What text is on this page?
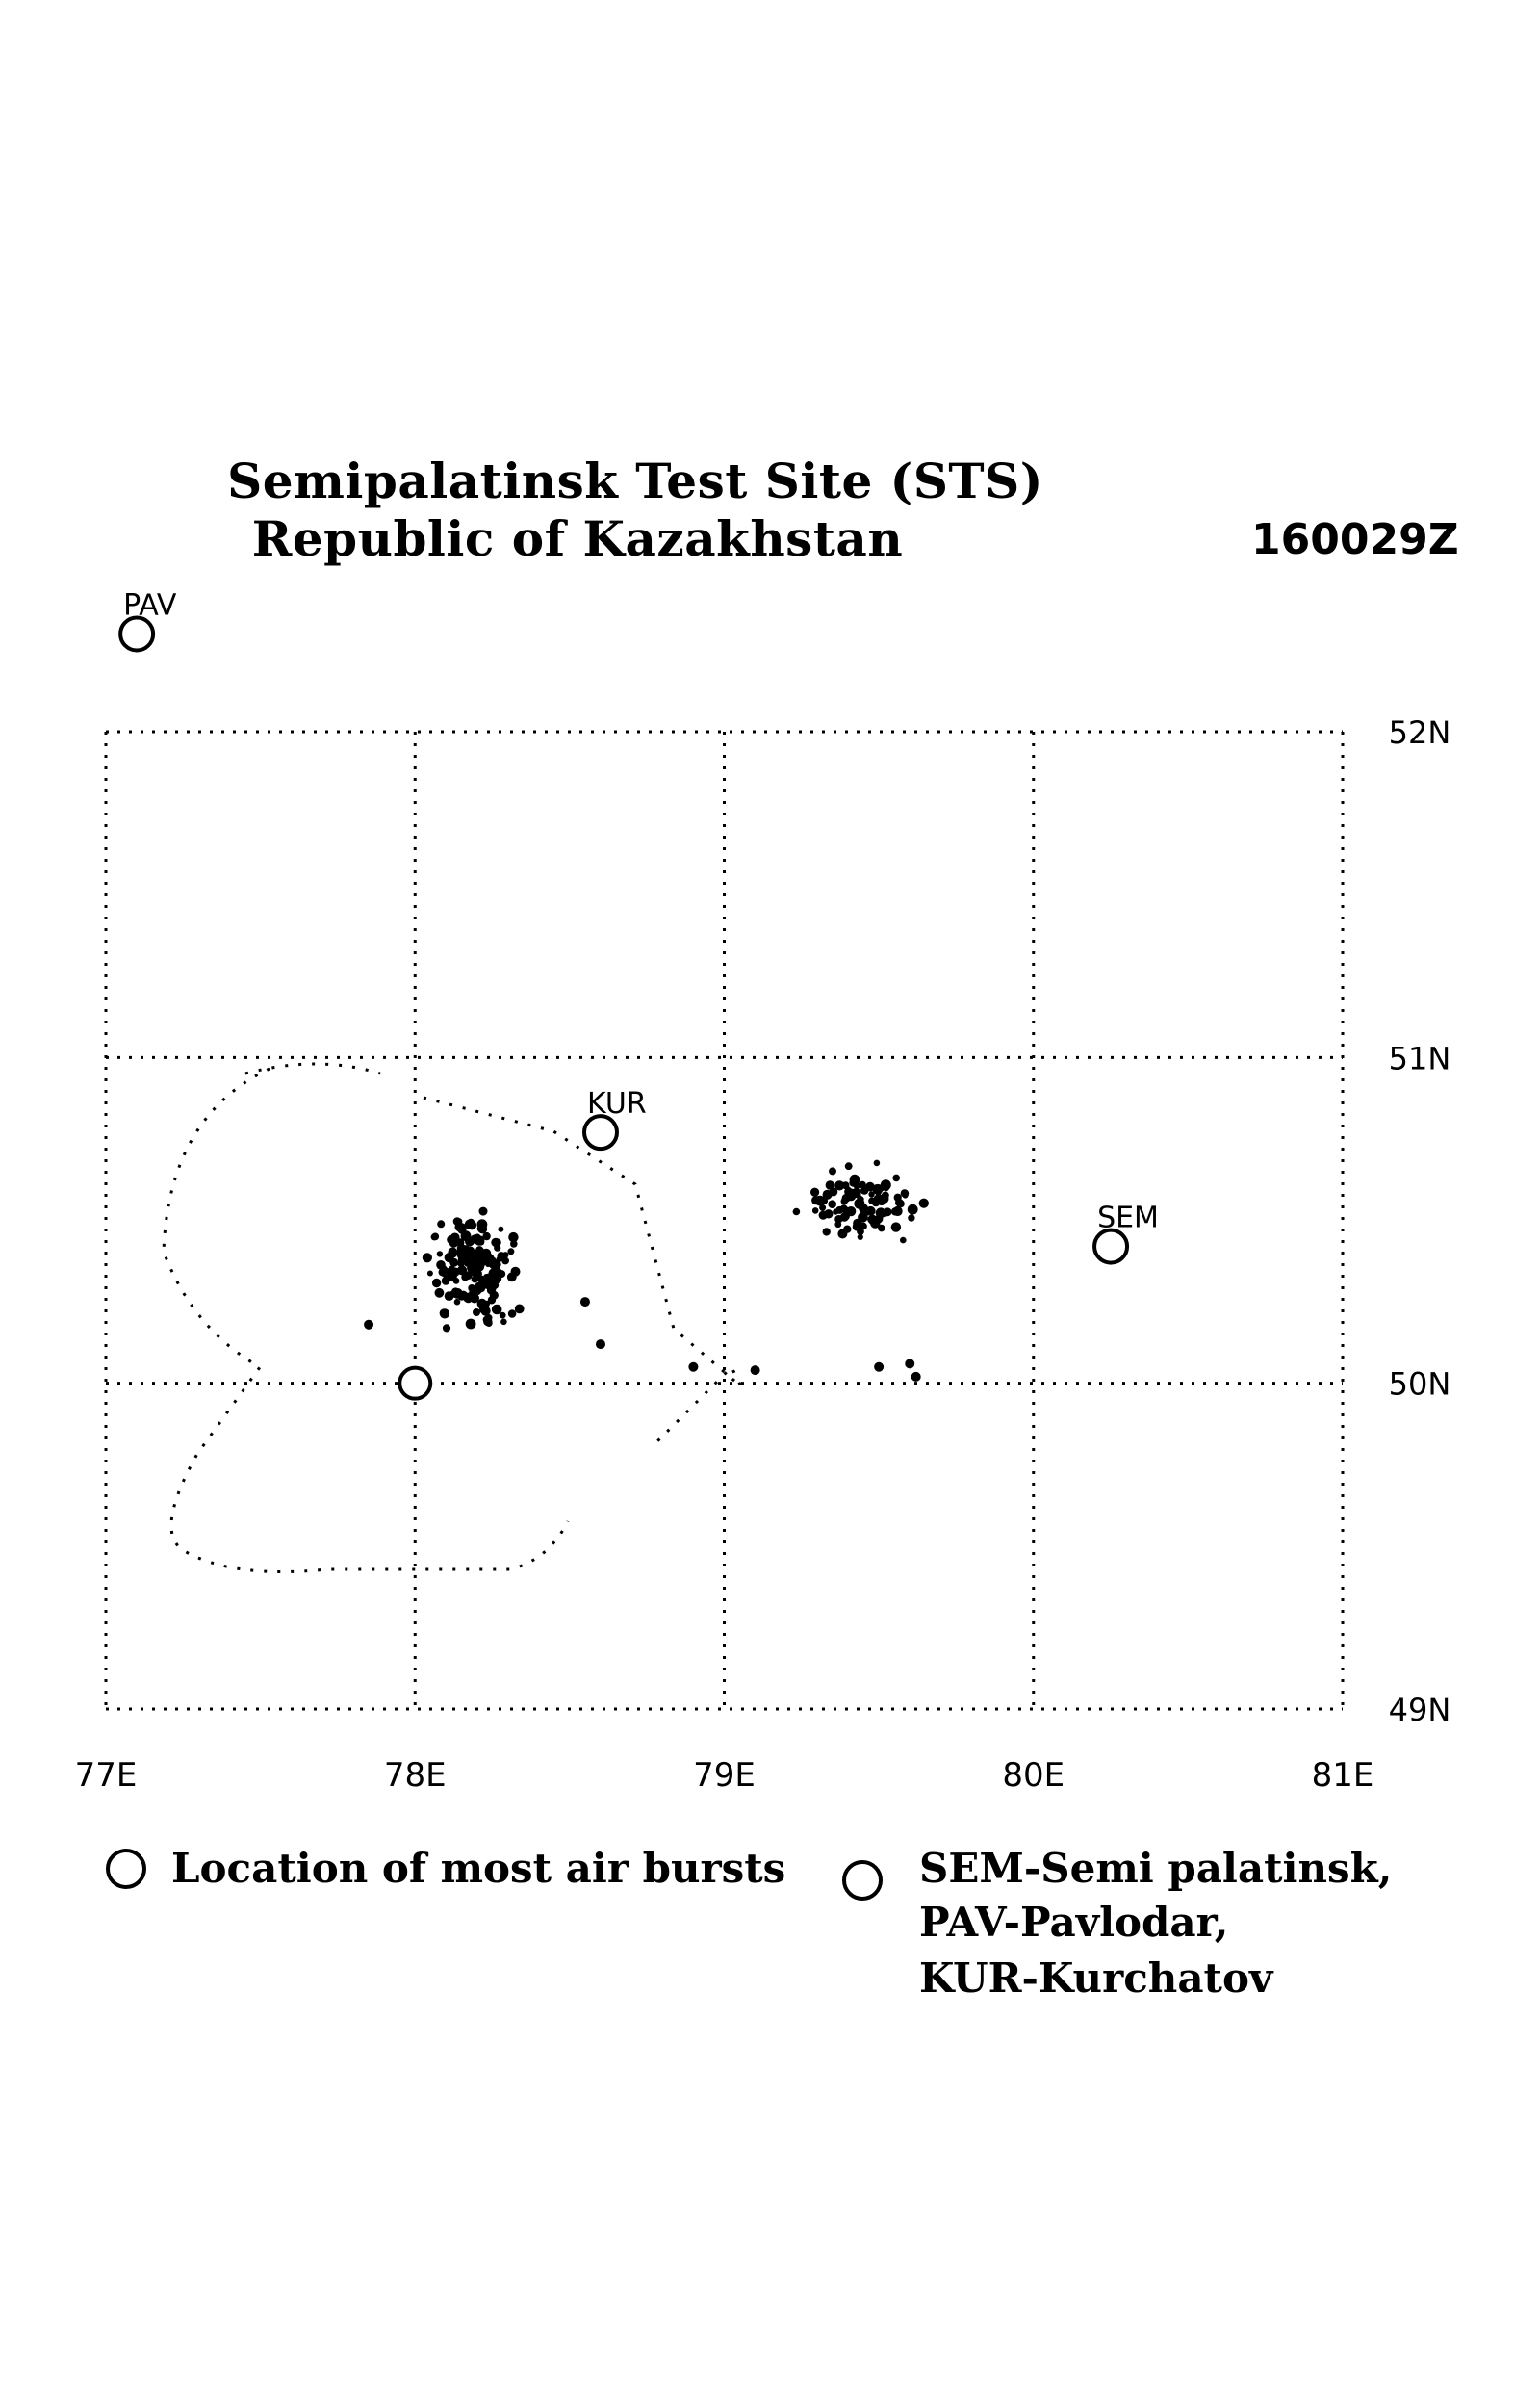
Semipalatinsk Test Site (STS)
Republic of Kazakhstan	160029Z
PAV
KUR
SEM
77E	78E	79E	80E	81E
52N
51N
50N
49N
Location of most air bursts	SEM-Semi palatinsk,
PAV-Pavlodar,
KUR-Kurchatov
